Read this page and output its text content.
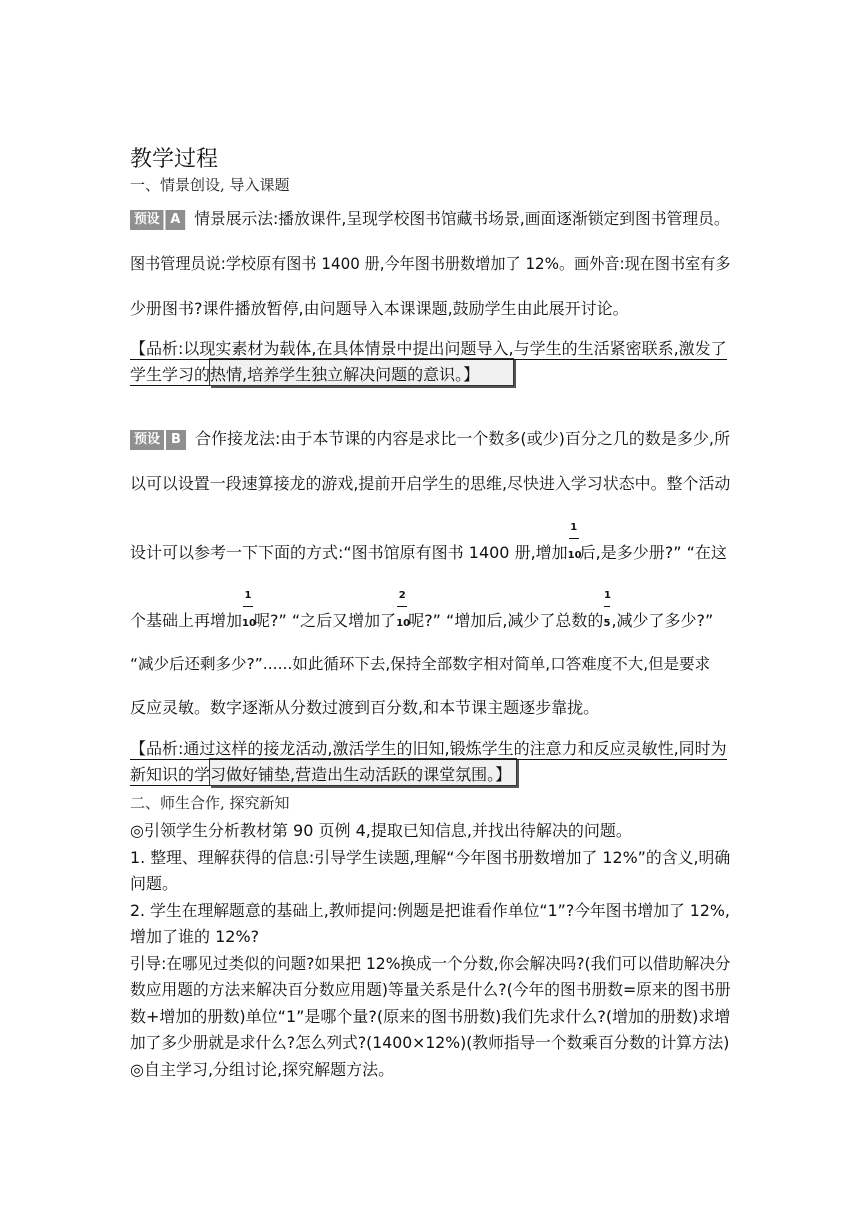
教学过程
一、情景创设, 导入课题
预设 A 情景展示法:播放课件,呈现学校图书馆藏书场景,画面逐渐锁定到图书管理员。
图书管理员说:学校原有图书 1400 册,今年图书册数增加了 12%。画外音:现在图书室有多
少册图书?课件播放暂停,由问题导入本课课题,鼓励学生由此展开讨论。
【品析:以现实素材为载体,在具体情景中提出问题导入,与学生的生活紧密联系,激发了
学生学习的热情,培养学生独立解决问题的意识。】
预设 B 合作接龙法:由于本节课的内容是求比一个数多(或少)百分之几的数是多少,所
以可以设置一段速算接龙的游戏,提前开启学生的思维,尽快进入学习状态中。整个活动
设计可以参考一下下面的方式:“图书馆原有图书 1400 册,增加 $\frac{1}{10}$后,是多少册?” “在这
个基础上再增加 $\frac{1}{10}$呢?” “之后又增加了 $\frac{2}{10}$呢?” “增加后,减少了总数的 $\frac{1}{5}$,减少了多少?”
“减少后还剩多少?”......如此循环下去,保持全部数字相对简单,口答难度不大,但是要求
反应灵敏。数字逐渐从分数过渡到百分数,和本节课主题逐步靠拢。
【品析:通过这样的接龙活动,激活学生的旧知,锻炼学生的注意力和反应灵敏性,同时为
新知识的学习做好铺垫,营造出生动活跃的课堂氛围。】
二、师生合作, 探究新知
◎引领学生分析教材第 90 页例 4,提取已知信息,并找出待解决的问题。
1. 整理、理解获得的信息:引导学生读题,理解“今年图书册数增加了 12%”的含义,明确
问题。
2. 学生在理解题意的基础上,教师提问:例题是把谁看作单位“1”?今年图书增加了 12%,
增加了谁的 12%?
引导:在哪见过类似的问题?如果把 12%换成一个分数,你会解决吗?(我们可以借助解决分
数应用题的方法来解决百分数应用题)等量关系是什么?(今年的图书册数=原来的图书册
数+增加的册数)单位“1”是哪个量?(原来的图书册数)我们先求什么?(增加的册数)求增
加了多少册就是求什么?怎么列式?(1400×12%)(教师指导一个数乘百分数的计算方法)
◎自主学习,分组讨论,探究解题方法。
